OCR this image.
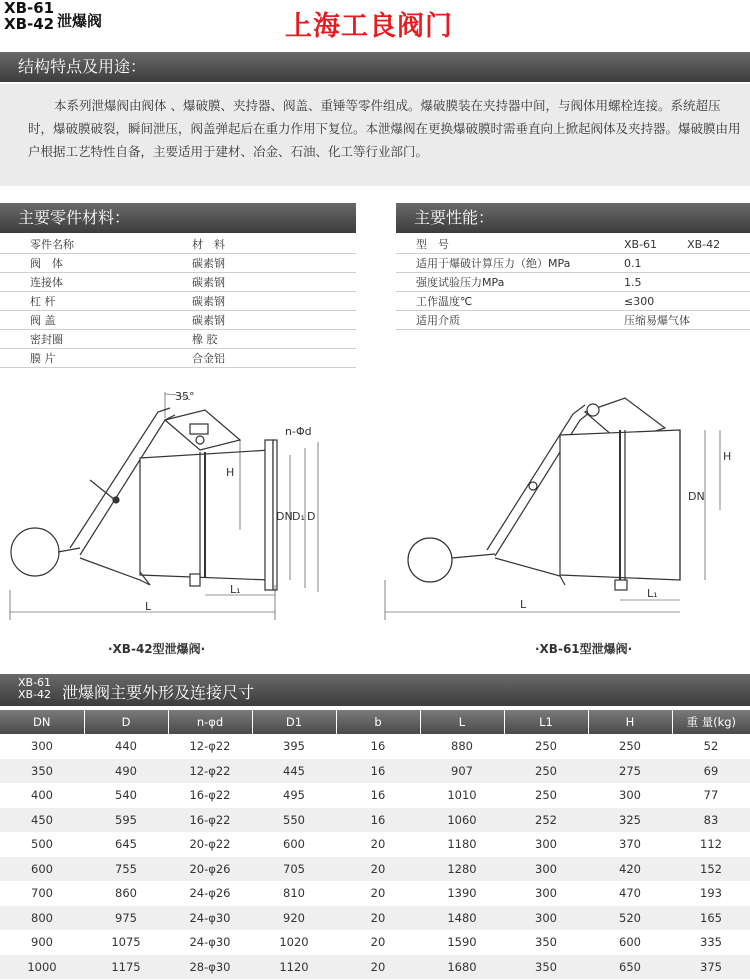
XB-61
XB-42 泄爆阀	上海工良阀门
结构特点及用途：

本系列泄爆阀由阀体 、爆破膜、夹持器、阀盖、重锤等零件组成。爆破膜装在夹持器中间，与阀体用螺栓连接。系统超压时，爆破膜破裂，瞬间泄压，阀盖弹起后在重力作用下复位。本泄爆阀在更换爆破膜时需垂直向上掀起阀体及夹持器。爆破膜由用户根据工艺特性自备，主要适用于建材、冶金、石油、化工等行业部门。

主要零件材料：
零件名称	材　料
阀　体	碳素钢
连接体	碳素钢
杠 杆	碳素钢
阀 盖	碳素钢
密封圈	橡 胶
膜 片	合金铝
主要性能：
型　号	XB-61	XB-42
适用于爆破计算压力（绝）MPa	0.1
强度试验压力MPa	1.5
工作温度℃	≤300
适用介质	压缩易爆气体
35°
n-Φd
H
DN D₁ D
L₁
L
·XB-42型泄爆阀·
H
DN
L₁
L
·XB-61型泄爆阀·
XB-61
XB-42 泄爆阀主要外形及连接尺寸
DN	D	n-φd	D1	b	L	L1	H	重 量(kg)
300	440	12-φ22	395	16	880	250	250	52
350	490	12-φ22	445	16	907	250	275	69
400	540	16-φ22	495	16	1010	250	300	77
450	595	16-φ22	550	16	1060	252	325	83
500	645	20-φ22	600	20	1180	300	370	112
600	755	20-φ26	705	20	1280	300	420	152
700	860	24-φ26	810	20	1390	300	470	193
800	975	24-φ30	920	20	1480	300	520	165
900	1075	24-φ30	1020	20	1590	350	600	335
1000	1175	28-φ30	1120	20	1680	350	650	375
